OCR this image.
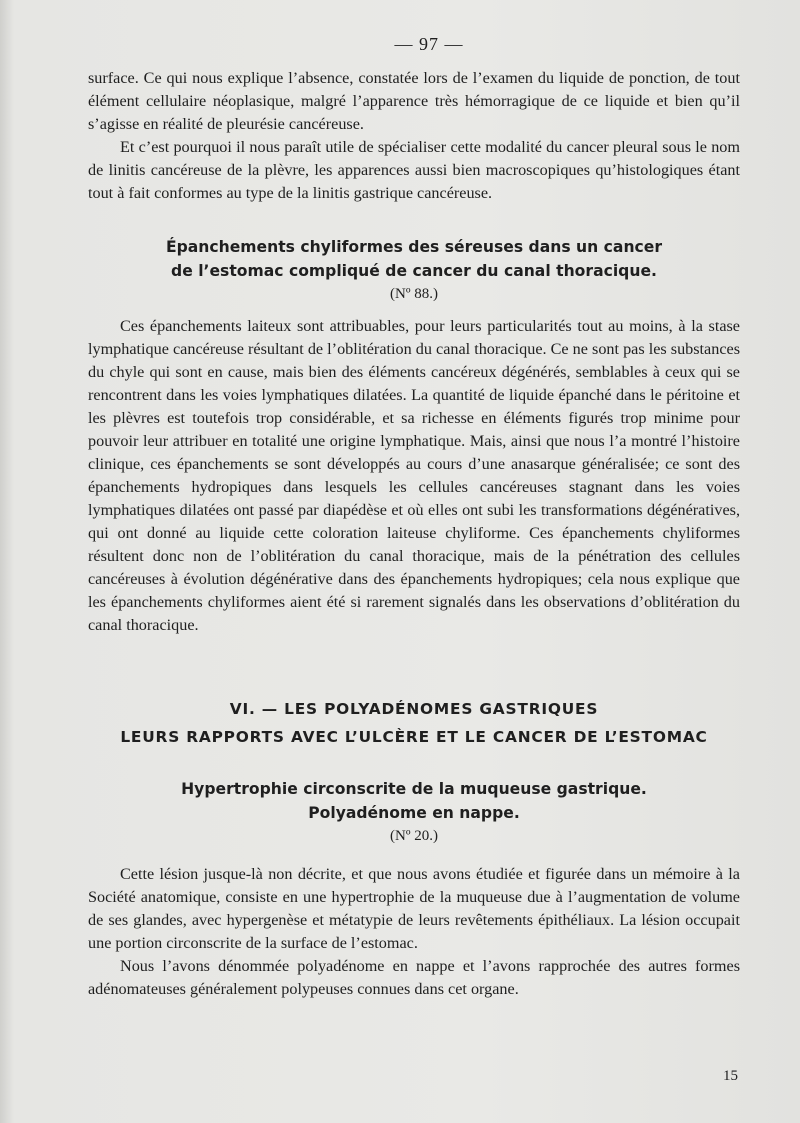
— 97 —

surface. Ce qui nous explique l’absence, constatée lors de l’examen du liquide de ponction, de tout élément cellulaire néoplasique, malgré l’apparence très hémorragique de ce liquide et bien qu’il s’agisse en réalité de pleurésie cancéreuse.

Et c’est pourquoi il nous paraît utile de spécialiser cette modalité du cancer pleural sous le nom de linitis cancéreuse de la plèvre, les apparences aussi bien macroscopiques qu’histologiques étant tout à fait conformes au type de la linitis gastrique cancéreuse.

Épanchements chyliformes des séreuses dans un cancer
de l’estomac compliqué de cancer du canal thoracique.
(Nº 88.)

Ces épanchements laiteux sont attribuables, pour leurs particularités tout au moins, à la stase lymphatique cancéreuse résultant de l’oblitération du canal thoracique. Ce ne sont pas les substances du chyle qui sont en cause, mais bien des éléments cancéreux dégénérés, semblables à ceux qui se rencontrent dans les voies lymphatiques dilatées. La quantité de liquide épanché dans le péritoine et les plèvres est toutefois trop considérable, et sa richesse en éléments figurés trop minime pour pouvoir leur attribuer en totalité une origine lymphatique. Mais, ainsi que nous l’a montré l’histoire clinique, ces épanchements se sont développés au cours d’une anasarque généralisée; ce sont des épanchements hydropiques dans lesquels les cellules cancéreuses stagnant dans les voies lymphatiques dilatées ont passé par diapédèse et où elles ont subi les transformations dégénératives, qui ont donné au liquide cette coloration laiteuse chyliforme. Ces épanchements chyliformes résultent donc non de l’oblitération du canal thoracique, mais de la pénétration des cellules cancéreuses à évolution dégénérative dans des épanchements hydropiques; cela nous explique que les épanchements chyliformes aient été si rarement signalés dans les observations d’oblitération du canal thoracique.

VI. — LES POLYADÉNOMES GASTRIQUES
LEURS RAPPORTS AVEC L’ULCÈRE ET LE CANCER DE L’ESTOMAC
Hypertrophie circonscrite de la muqueuse gastrique.
Polyadénome en nappe.
(Nº 20.)

Cette lésion jusque-là non décrite, et que nous avons étudiée et figurée dans un mémoire à la Société anatomique, consiste en une hypertrophie de la muqueuse due à l’augmentation de volume de ses glandes, avec hypergenèse et métatypie de leurs revêtements épithéliaux. La lésion occupait une portion circonscrite de la surface de l’estomac.

Nous l’avons dénommée polyadénome en nappe et l’avons rapprochée des autres formes adénomateuses généralement polypeuses connues dans cet organe.

15
